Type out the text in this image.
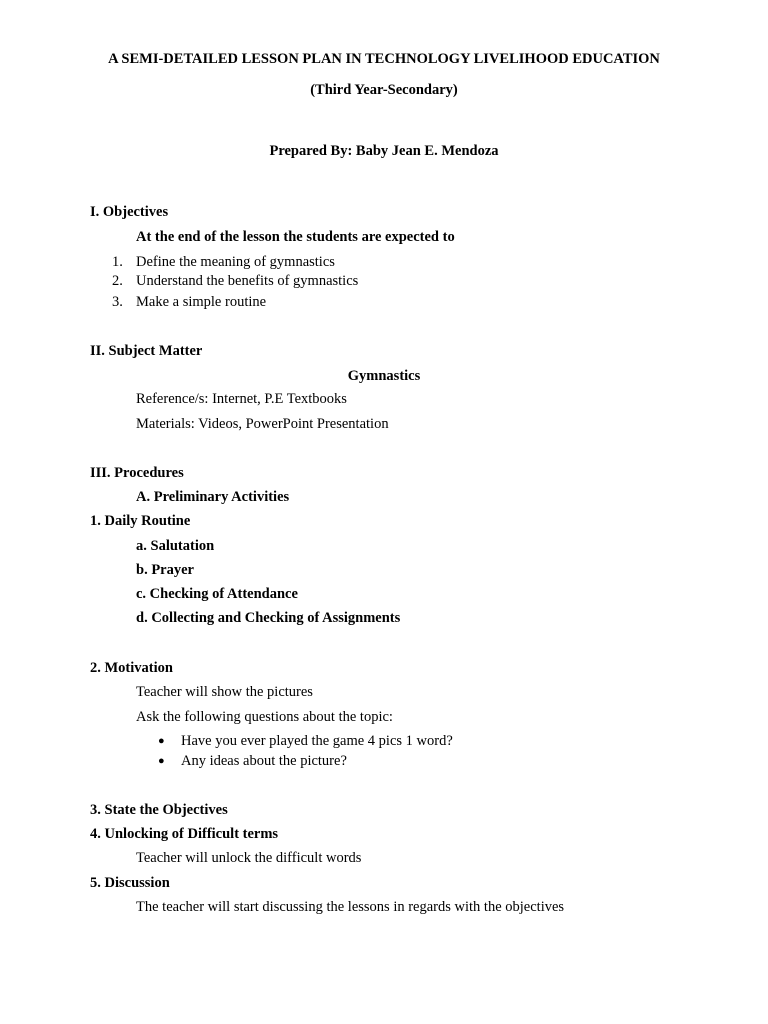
A SEMI-DETAILED LESSON PLAN IN TECHNOLOGY LIVELIHOOD EDUCATION
(Third Year-Secondary)
Prepared By: Baby Jean E. Mendoza
I. Objectives
At the end of the lesson the students are expected to
1. Define the meaning of gymnastics
2. Understand the benefits of gymnastics
3. Make a simple routine
II. Subject Matter
Gymnastics
Reference/s: Internet, P.E Textbooks
Materials: Videos, PowerPoint Presentation
III. Procedures
A. Preliminary Activities
1. Daily Routine
a. Salutation
b. Prayer
c. Checking of Attendance
d. Collecting and Checking of Assignments
2. Motivation
Teacher will show the pictures
Ask the following questions about the topic:
● Have you ever played the game 4 pics 1 word?
● Any ideas about the picture?
3. State the Objectives
4. Unlocking of Difficult terms
Teacher will unlock the difficult words
5. Discussion
The teacher will start discussing the lessons in regards with the objectives
